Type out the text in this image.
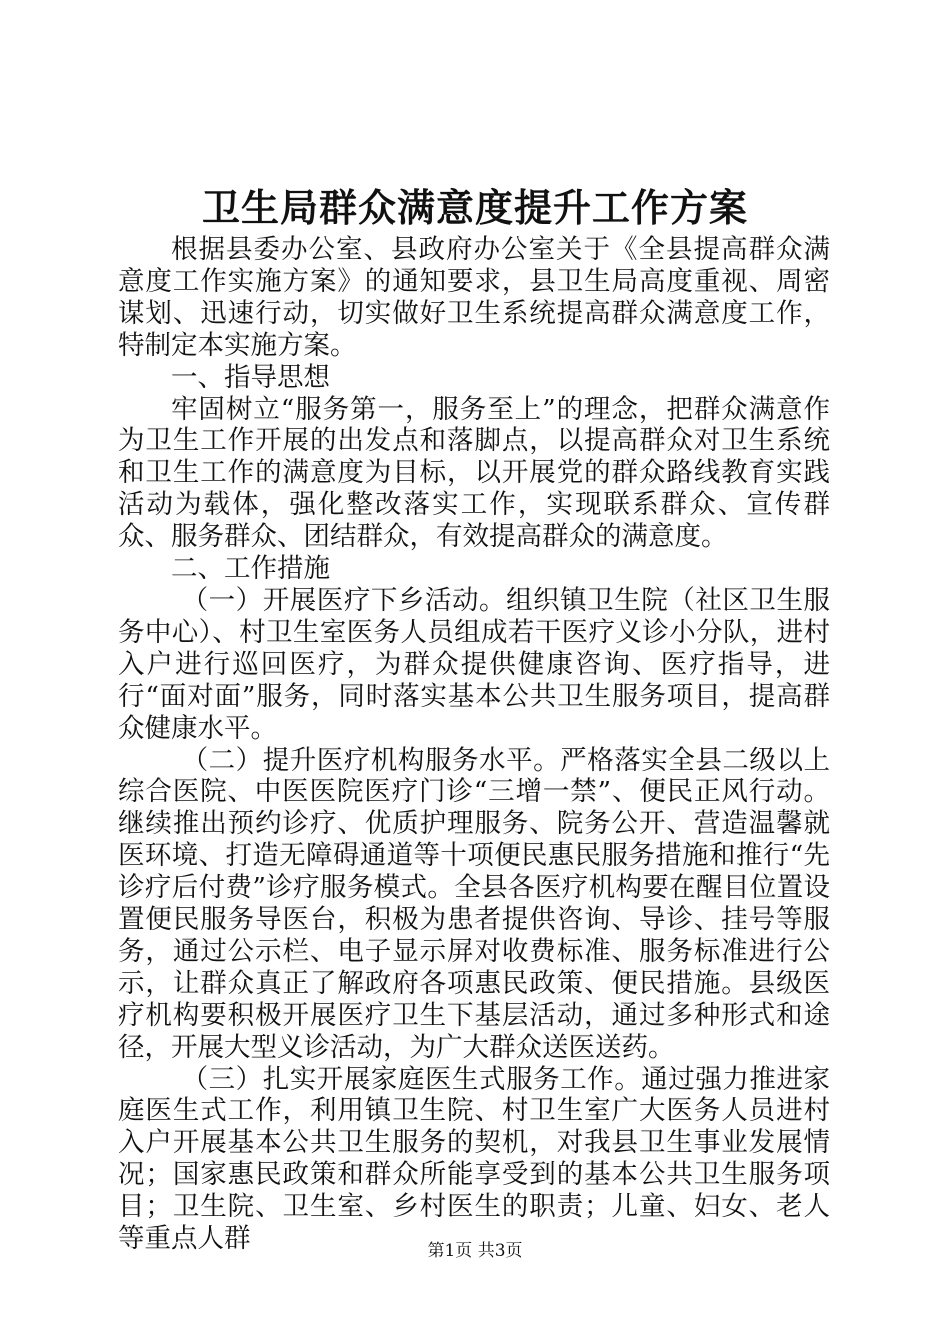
卫生局群众满意度提升工作方案

根据县委办公室、县政府办公室关于《全县提高群众满意度工作实施方案》的通知要求，县卫生局高度重视、周密谋划、迅速行动，切实做好卫生系统提高群众满意度工作，特制定本实施方案。

一、指导思想

牢固树立“服务第一，服务至上”的理念，把群众满意作为卫生工作开展的出发点和落脚点，以提高群众对卫生系统和卫生工作的满意度为目标，以开展党的群众路线教育实践活动为载体，强化整改落实工作，实现联系群众、宣传群众、服务群众、团结群众，有效提高群众的满意度。

二、工作措施

（一）开展医疗下乡活动。组织镇卫生院（社区卫生服务中心）、村卫生室医务人员组成若干医疗义诊小分队，进村入户进行巡回医疗，为群众提供健康咨询、医疗指导，进行“面对面”服务，同时落实基本公共卫生服务项目，提高群众健康水平。

（二）提升医疗机构服务水平。严格落实全县二级以上综合医院、中医医院医疗门诊“三增一禁”、便民正风行动。继续推出预约诊疗、优质护理服务、院务公开、营造温馨就医环境、打造无障碍通道等十项便民惠民服务措施和推行“先诊疗后付费”诊疗服务模式。全县各医疗机构要在醒目位置设置便民服务导医台，积极为患者提供咨询、导诊、挂号等服务，通过公示栏、电子显示屏对收费标准、服务标准进行公示，让群众真正了解政府各项惠民政策、便民措施。县级医疗机构要积极开展医疗卫生下基层活动，通过多种形式和途径，开展大型义诊活动，为广大群众送医送药。

（三）扎实开展家庭医生式服务工作。通过强力推进家庭医生式工作，利用镇卫生院、村卫生室广大医务人员进村入户开展基本公共卫生服务的契机，对我县卫生事业发展情况；国家惠民政策和群众所能享受到的基本公共卫生服务项目；卫生院、卫生室、乡村医生的职责；儿童、妇女、老人等重点人群	第1页 共3页
